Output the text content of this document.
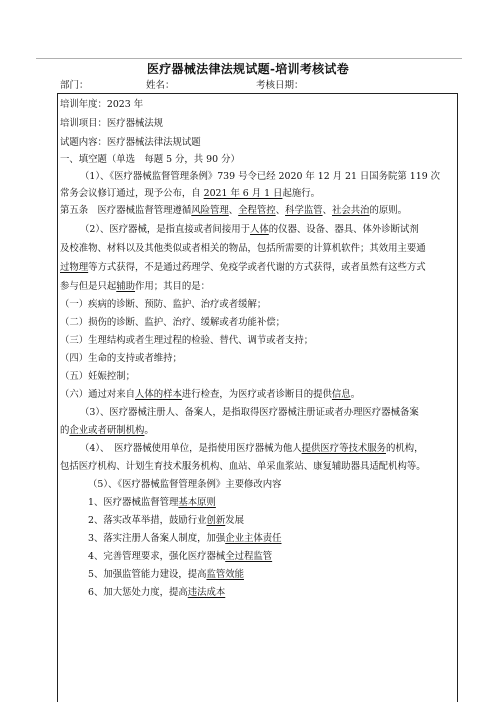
医疗器械法律法规试题-培训考核试卷
部门：	姓名：	考核日期：
培训年度：2023 年
培训项目：医疗器械法规
试题内容：医疗器械法律法规试题
一、填空题（单选　每题 5 分，共 90 分）
（1）、《医疗器械监督管理条例》739 号令已经 2020 年 12 月 21 日国务院第 119 次
常务会议修订通过，现予公布，自 2021 年 6 月 1 日起施行。
第五条　医疗器械监督管理遵循风险管理、全程管控、科学监管、社会共治的原则。
（2）、医疗器械，是指直接或者间接用于人体的仪器、设备、器具、体外诊断试剂
及校准物、材料以及其他类似或者相关的物品，包括所需要的计算机软件；其效用主要通
过物理等方式获得，不是通过药理学、免疫学或者代谢的方式获得，或者虽然有这些方式
参与但是只起辅助作用；其目的是：
（一）疾病的诊断、预防、监护、治疗或者缓解；
（二）损伤的诊断、监护、治疗、缓解或者功能补偿；
（三）生理结构或者生理过程的检验、替代、调节或者支持；
（四）生命的支持或者维持；
（五）妊娠控制；
（六）通过对来自人体的样本进行检查，为医疗或者诊断目的提供信息。
（3）、医疗器械注册人、备案人，是指取得医疗器械注册证或者办理医疗器械备案
的企业或者研制机构。
（4）、　医疗器械使用单位，是指使用医疗器械为他人提供医疗等技术服务的机构，
包括医疗机构、计划生育技术服务机构、血站、单采血浆站、康复辅助器具适配机构等。
（5）、《医疗器械监督管理条例》主要修改内容
1、医疗器械监督管理基本原则
2、落实改革举措，鼓励行业创新发展
3、落实注册人备案人制度，加强企业主体责任
4、完善管理要求，强化医疗器械全过程监管
5、加强监管能力建设，提高监管效能
6、加大惩处力度，提高违法成本
